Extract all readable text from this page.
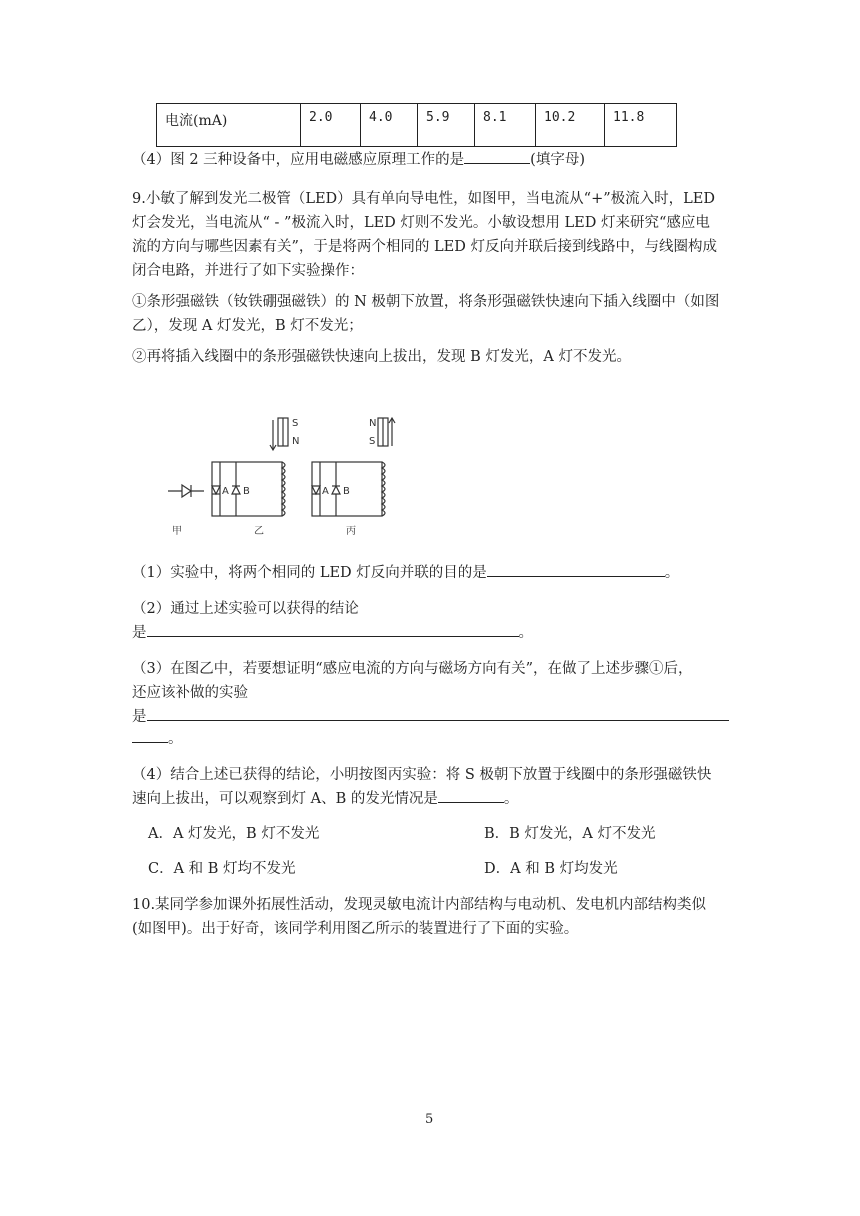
电流(mA)	2.0	4.0	5.9	8.1	10.2	11.8
（4）图 2 三种设备中，应用电磁感应原理工作的是	(填字母)
9.小敏了解到发光二极管（LED）具有单向导电性，如图甲，当电流从“+”极流入时，LED
灯会发光，当电流从“ - ”极流入时，LED 灯则不发光。小敏设想用 LED 灯来研究“感应电
流的方向与哪些因素有关”，于是将两个相同的 LED 灯反向并联后接到线路中，与线圈构成
闭合电路，并进行了如下实验操作：
①条形强磁铁（钕铁硼强磁铁）的 N 极朝下放置，将条形强磁铁快速向下插入线圈中（如图
乙），发现 A 灯发光，B 灯不发光；
②再将插入线圈中的条形强磁铁快速向上拔出，发现 B 灯发光，A 灯不发光。
S
N
N
S
A B	A B
甲	乙	丙
（1）实验中，将两个相同的 LED 灯反向并联的目的是	。
（2）通过上述实验可以获得的结论
是	。
（3）在图乙中，若要想证明“感应电流的方向与磁场方向有关”，在做了上述步骤①后，
还应该补做的实验
是
。
（4）结合上述已获得的结论，小明按图丙实验：将 S 极朝下放置于线圈中的条形强磁铁快
速向上拔出，可以观察到灯 A、B 的发光情况是	。
A．A 灯发光，B 灯不发光	B．B 灯发光，A 灯不发光
C．A 和 B 灯均不发光	D．A 和 B 灯均发光
10.某同学参加课外拓展性活动，发现灵敏电流计内部结构与电动机、发电机内部结构类似
(如图甲)。出于好奇，该同学利用图乙所示的装置进行了下面的实验。
5
